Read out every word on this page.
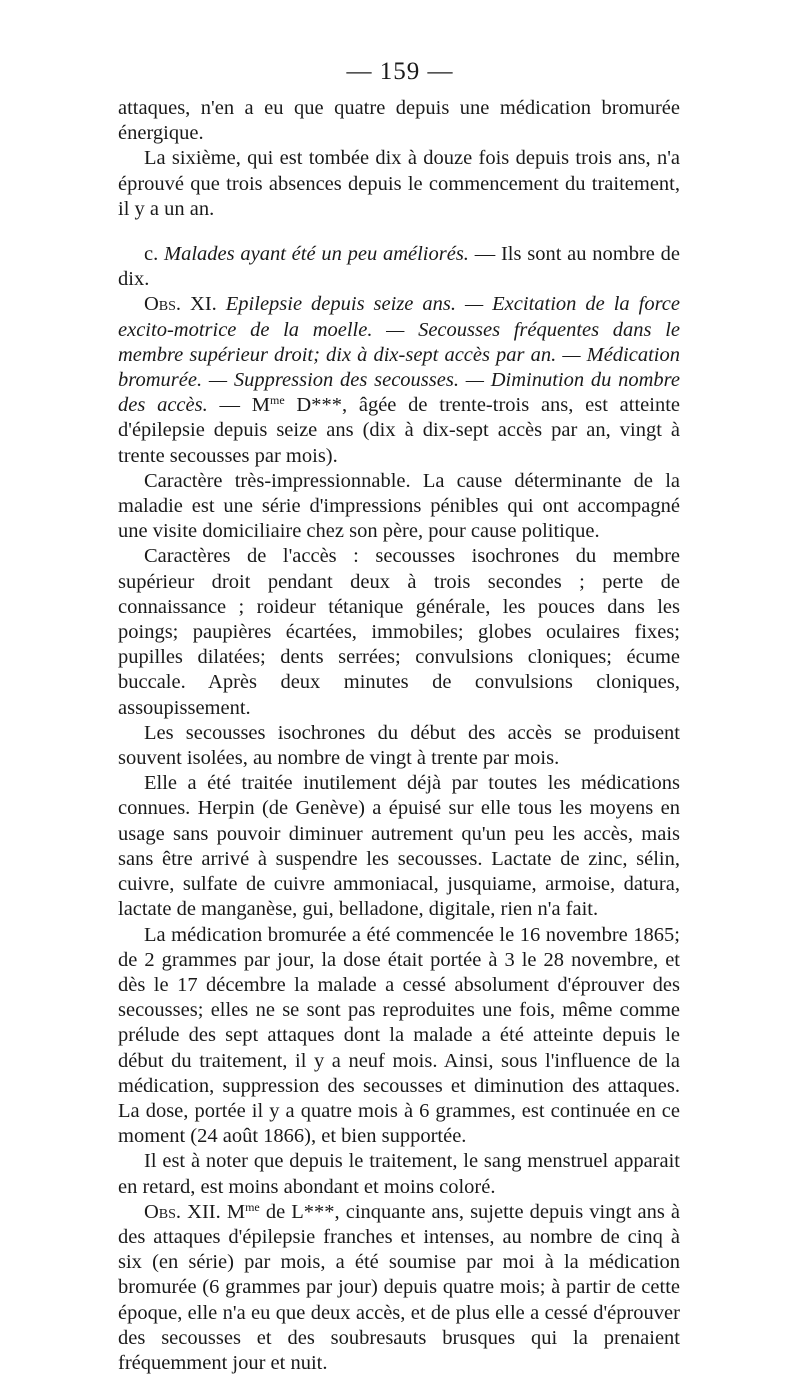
— 159 —

attaques, n'en a eu que quatre depuis une médication bromurée énergique.

La sixième, qui est tombée dix à douze fois depuis trois ans, n'a éprouvé que trois absences depuis le commencement du traitement, il y a un an.

c. Malades ayant été un peu améliorés. — Ils sont au nombre de dix.

Obs. XI. Epilepsie depuis seize ans. — Excitation de la force excito-motrice de la moelle. — Secousses fréquentes dans le membre supérieur droit; dix à dix-sept accès par an. — Médication bromurée. — Suppression des secousses. — Diminution du nombre des accès. — $M^{me}$ D***, âgée de trente-trois ans, est atteinte d'épilepsie depuis seize ans (dix à dix-sept accès par an, vingt à trente secousses par mois).

Caractère très-impressionnable. La cause déterminante de la maladie est une série d'impressions pénibles qui ont accompagné une visite domiciliaire chez son père, pour cause politique.

Caractères de l'accès : secousses isochrones du membre supérieur droit pendant deux à trois secondes ; perte de connaissance ; roideur tétanique générale, les pouces dans les poings; paupières écartées, immobiles; globes oculaires fixes; pupilles dilatées; dents serrées; convulsions cloniques; écume buccale. Après deux minutes de convulsions cloniques, assoupissement.

Les secousses isochrones du début des accès se produisent souvent isolées, au nombre de vingt à trente par mois.

Elle a été traitée inutilement déjà par toutes les médications connues. Herpin (de Genève) a épuisé sur elle tous les moyens en usage sans pouvoir diminuer autrement qu'un peu les accès, mais sans être arrivé à suspendre les secousses. Lactate de zinc, sélin, cuivre, sulfate de cuivre ammoniacal, jusquiame, armoise, datura, lactate de manganèse, gui, belladone, digitale, rien n'a fait.

La médication bromurée a été commencée le 16 novembre 1865; de 2 grammes par jour, la dose était portée à 3 le 28 novembre, et dès le 17 décembre la malade a cessé absolument d'éprouver des secousses; elles ne se sont pas reproduites une fois, même comme prélude des sept attaques dont la malade a été atteinte depuis le début du traitement, il y a neuf mois. Ainsi, sous l'influence de la médication, suppression des secousses et diminution des attaques. La dose, portée il y a quatre mois à 6 grammes, est continuée en ce moment (24 août 1866), et bien supportée.

Il est à noter que depuis le traitement, le sang menstruel apparait en retard, est moins abondant et moins coloré.

Obs. XII. $M^{me}$ de L***, cinquante ans, sujette depuis vingt ans à des attaques d'épilepsie franches et intenses, au nombre de cinq à six (en série) par mois, a été soumise par moi à la médication bromurée (6 grammes par jour) depuis quatre mois; à partir de cette époque, elle n'a eu que deux accès, et de plus elle a cessé d'éprouver des secousses et des soubresauts brusques qui la prenaient fréquemment jour et nuit.
